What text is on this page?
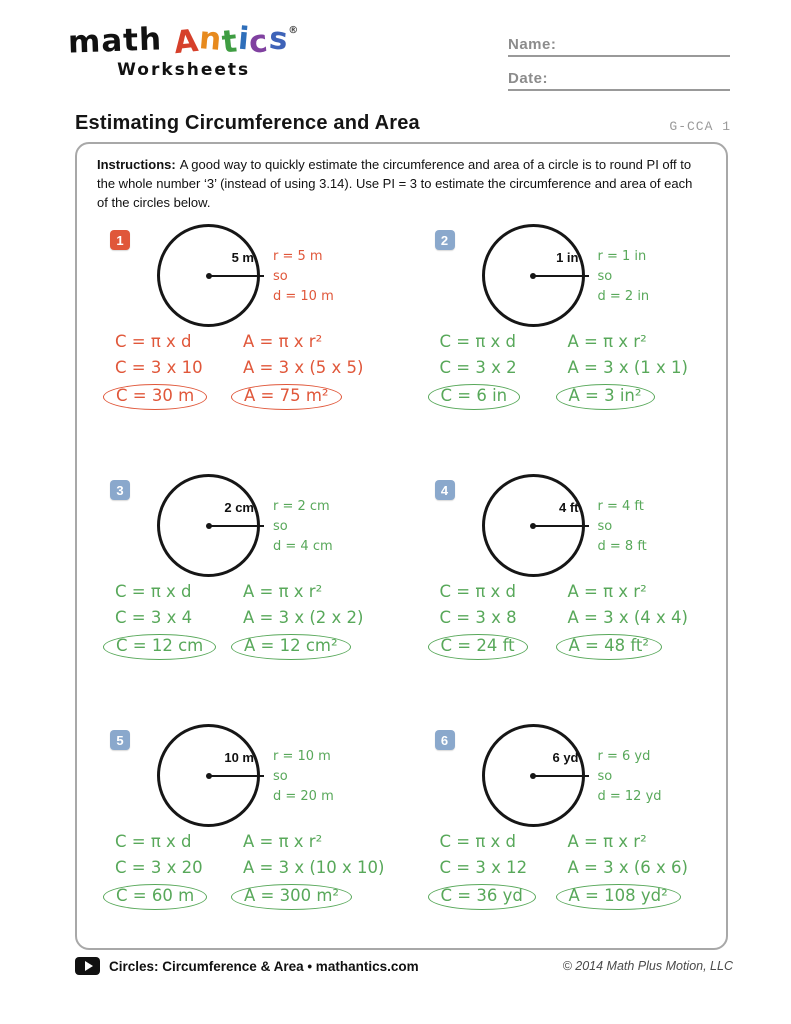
math Antics®
Worksheets
Name:
Date:
Estimating Circumference and Area	G-CCA 1

Instructions: A good way to quickly estimate the circumference and area of a circle is to round PI off to the whole number ‘3’ (instead of using 3.14). Use PI = 3 to estimate the circumference and area of each of the circles below.

1
5 m r = 5 m
so
d = 10 m
C = π x d
C = 3 x 10
C = 30 m
A = π x r²
A = 3 x (5 x 5)
A = 75 m²
2
1 in r = 1 in
so
d = 2 in
C = π x d
C = 3 x 2
C = 6 in
A = π x r²
A = 3 x (1 x 1)
A = 3 in²
3
2 cm r = 2 cm
so
d = 4 cm
C = π x d
C = 3 x 4
C = 12 cm
A = π x r²
A = 3 x (2 x 2)
A = 12 cm²
4
4 ft r = 4 ft
so
d = 8 ft
C = π x d
C = 3 x 8
C = 24 ft
A = π x r²
A = 3 x (4 x 4)
A = 48 ft²
5
10 m r = 10 m
so
d = 20 m
C = π x d
C = 3 x 20
C = 60 m
A = π x r²
A = 3 x (10 x 10)
A = 300 m²
6
6 yd r = 6 yd
so
d = 12 yd
C = π x d
C = 3 x 12
C = 36 yd
A = π x r²
A = 3 x (6 x 6)
A = 108 yd²
Circles: Circumference & Area • mathantics.com	© 2014 Math Plus Motion, LLC
